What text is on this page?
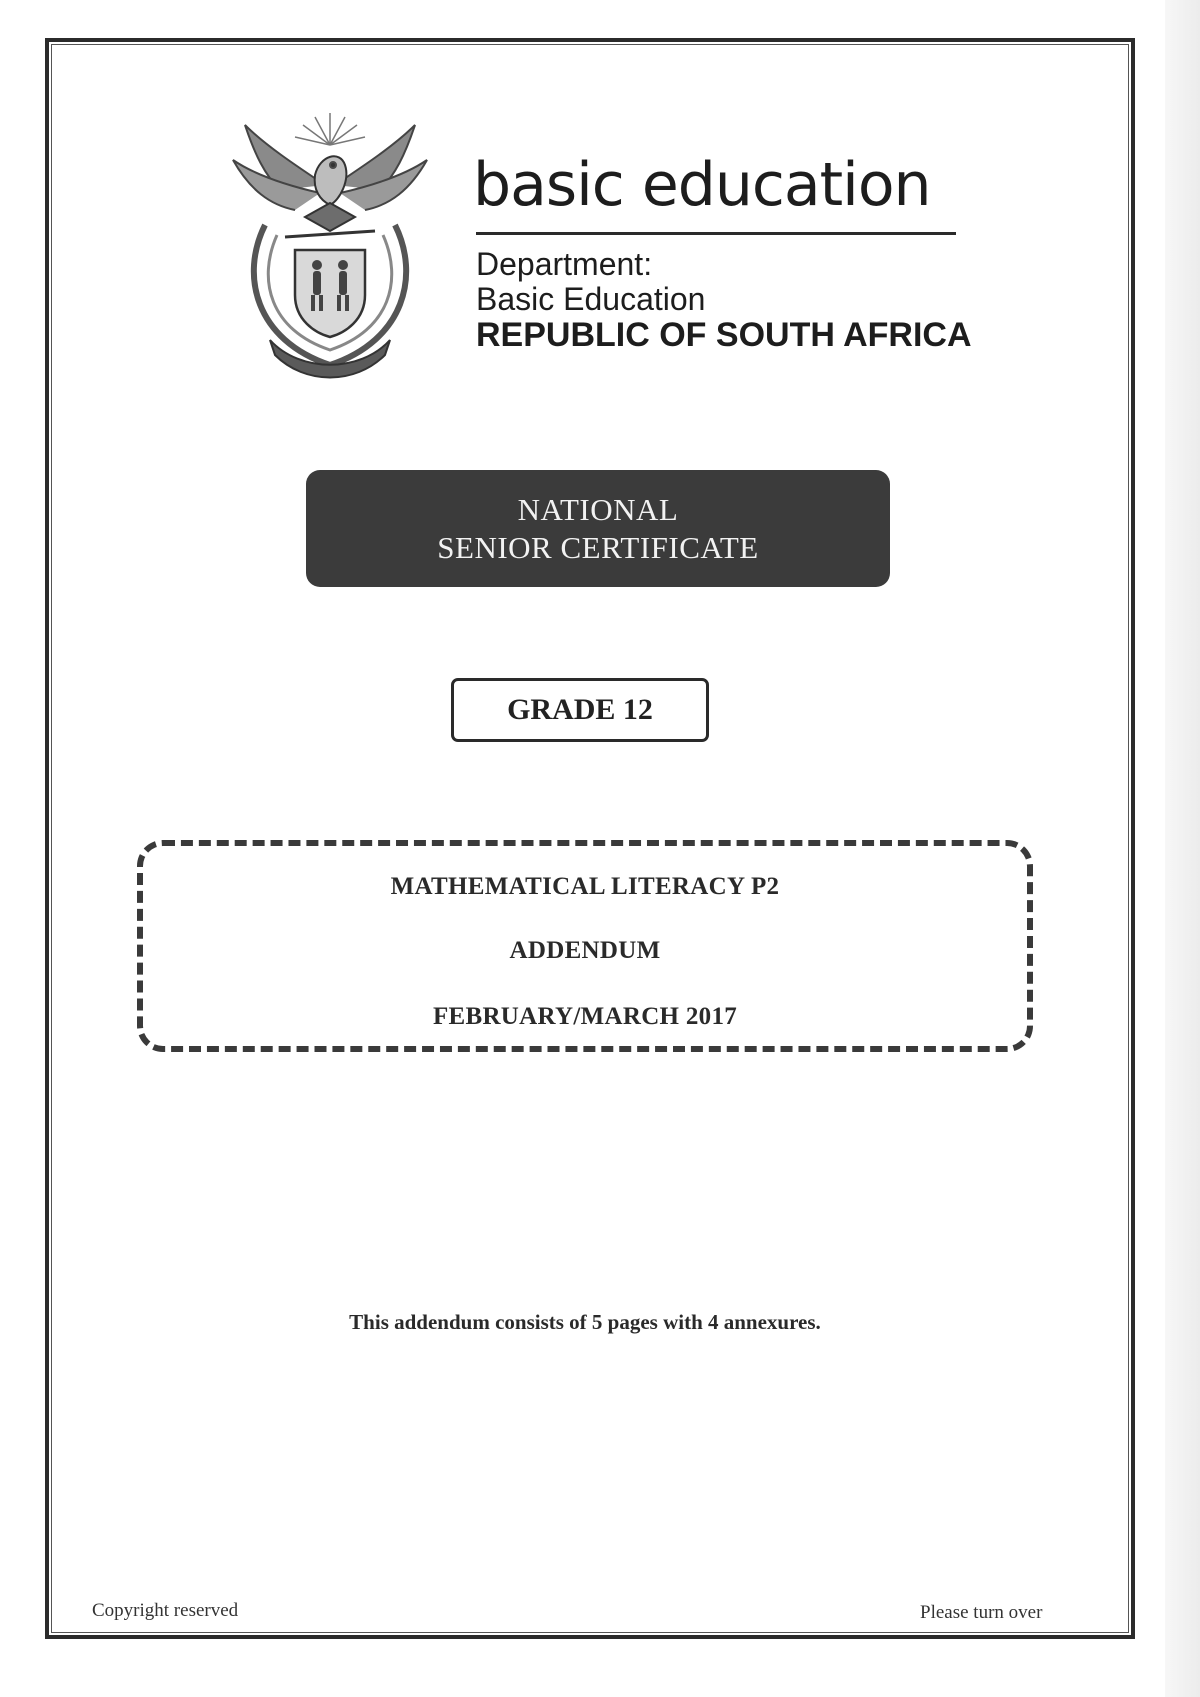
basic education
Department:
Basic Education
REPUBLIC OF SOUTH AFRICA
NATIONAL
SENIOR CERTIFICATE
GRADE 12
MATHEMATICAL LITERACY P2
ADDENDUM
FEBRUARY/MARCH 2017
This addendum consists of 5 pages with 4 annexures.
Copyright reserved	Please turn over
